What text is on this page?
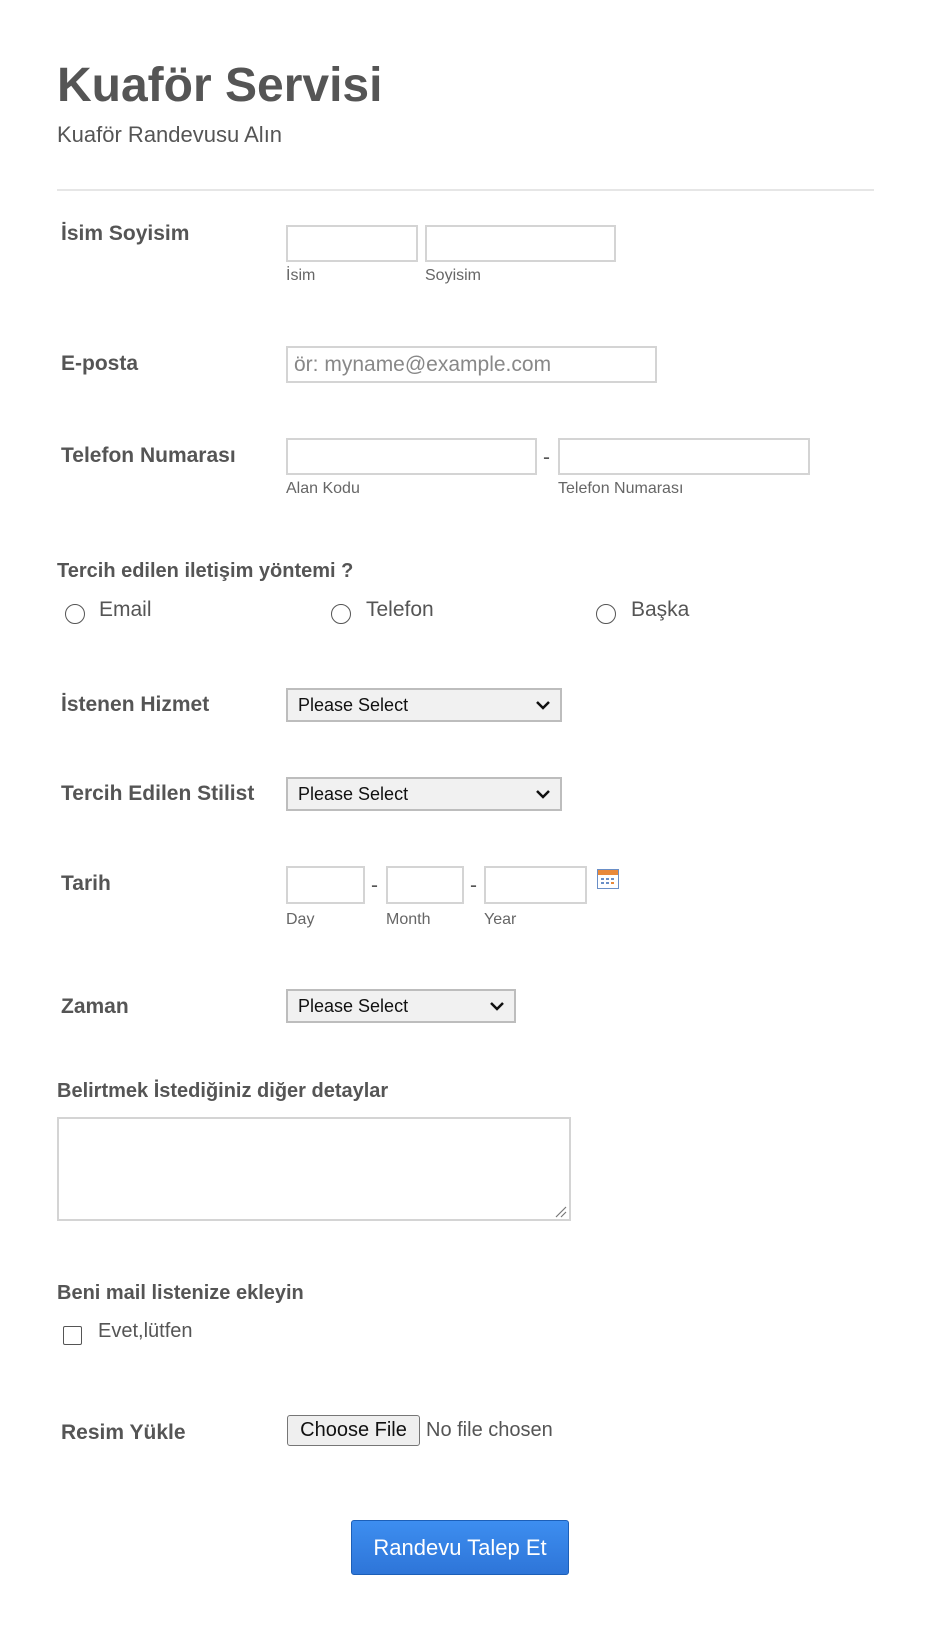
Kuaför Servisi
Kuaför Randevusu Alın
İsim Soyisim
İsim	Soyisim
E-posta
ör: myname@example.com
Telefon Numarası	-
Alan Kodu	Telefon Numarası
Tercih edilen iletişim yöntemi ?
Email	Telefon	Başka
İstenen Hizmet	Please Select
Tercih Edilen Stilist Please Select
Tarih	-	-
Day	Month	Year
Zaman	Please Select
Belirtmek İstediğiniz diğer detaylar
Beni mail listenize ekleyin
Evet,lütfen
Resim Yükle	Choose File No file chosen
Randevu Talep Et
